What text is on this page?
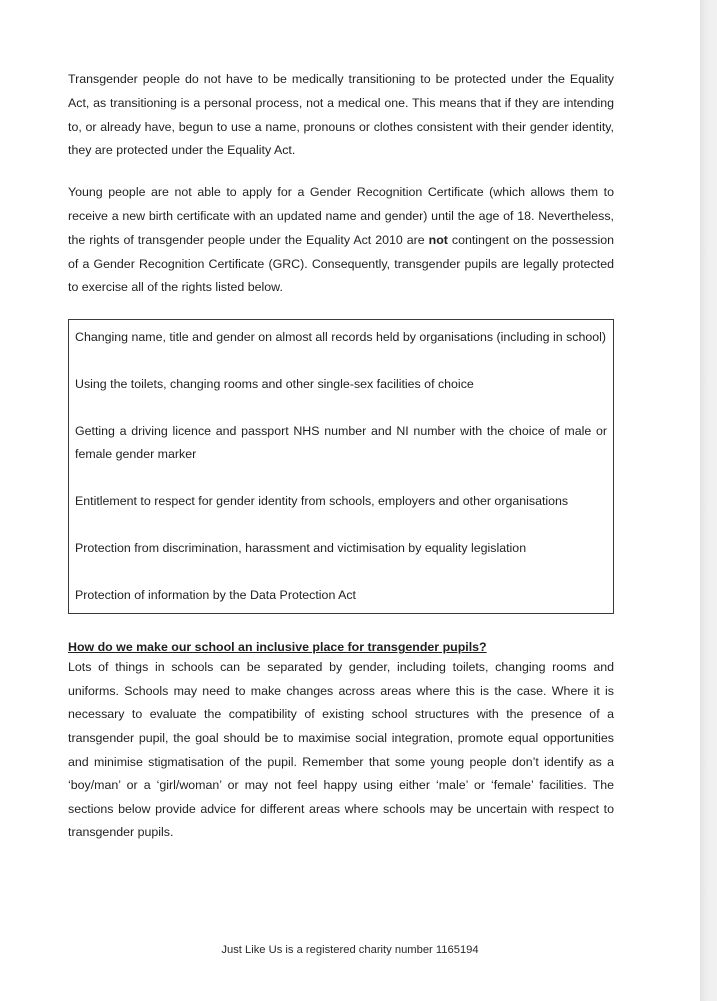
Transgender people do not have to be medically transitioning to be protected under the Equality Act, as transitioning is a personal process, not a medical one. This means that if they are intending to, or already have, begun to use a name, pronouns or clothes consistent with their gender identity, they are protected under the Equality Act.

Young people are not able to apply for a Gender Recognition Certificate (which allows them to receive a new birth certificate with an updated name and gender) until the age of 18. Nevertheless, the rights of transgender people under the Equality Act 2010 are not contingent on the possession of a Gender Recognition Certificate (GRC). Consequently, transgender pupils are legally protected to exercise all of the rights listed below.

Changing name, title and gender on almost all records held by organisations (including in school)
Using the toilets, changing rooms and other single-sex facilities of choice
Getting a driving licence and passport NHS number and NI number with the choice of male or female gender marker
Entitlement to respect for gender identity from schools, employers and other organisations
Protection from discrimination, harassment and victimisation by equality legislation
Protection of information by the Data Protection Act
How do we make our school an inclusive place for transgender pupils?

Lots of things in schools can be separated by gender, including toilets, changing rooms and uniforms. Schools may need to make changes across areas where this is the case. Where it is necessary to evaluate the compatibility of existing school structures with the presence of a transgender pupil, the goal should be to maximise social integration, promote equal opportunities and minimise stigmatisation of the pupil. Remember that some young people don’t identify as a ‘boy/man’ or a ‘girl/woman’ or may not feel happy using either ‘male’ or ‘female’ facilities. The sections below provide advice for different areas where schools may be uncertain with respect to transgender pupils.

Just Like Us is a registered charity number 1165194
